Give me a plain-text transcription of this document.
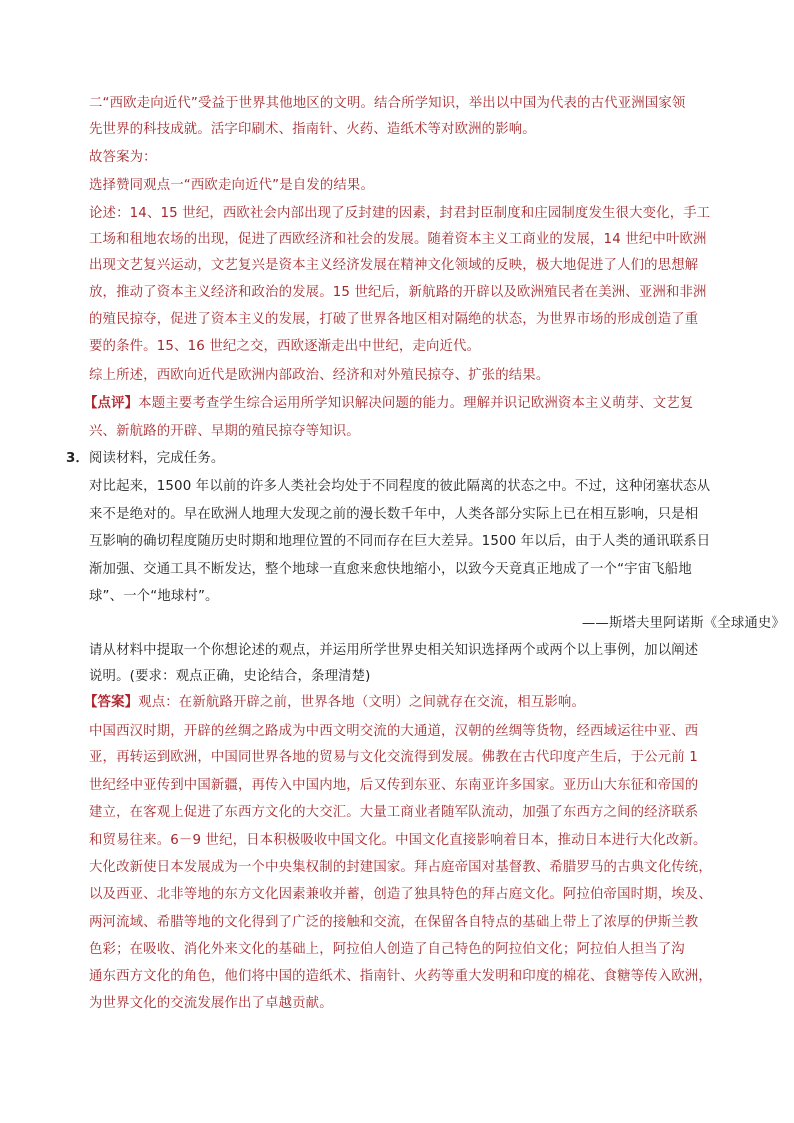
二“西欧走向近代”受益于世界其他地区的文明。结合所学知识，举出以中国为代表的古代亚洲国家领
先世界的科技成就。活字印刷术、指南针、火药、造纸术等对欧洲的影响。
故答案为：
选择赞同观点一“西欧走向近代”是自发的结果。
论述：14、15 世纪，西欧社会内部出现了反封建的因素，封君封臣制度和庄园制度发生很大变化，手工
工场和租地农场的出现，促进了西欧经济和社会的发展。随着资本主义工商业的发展，14 世纪中叶欧洲
出现文艺复兴运动，文艺复兴是资本主义经济发展在精神文化领域的反映，极大地促进了人们的思想解
放，推动了资本主义经济和政治的发展。15 世纪后，新航路的开辟以及欧洲殖民者在美洲、亚洲和非洲
的殖民掠夺，促进了资本主义的发展，打破了世界各地区相对隔绝的状态，为世界市场的形成创造了重
要的条件。15、16 世纪之交，西欧逐渐走出中世纪，走向近代。
综上所述，西欧向近代是欧洲内部政治、经济和对外殖民掠夺、扩张的结果。
【点评】本题主要考查学生综合运用所学知识解决问题的能力。理解并识记欧洲资本主义萌芽、文艺复
兴、新航路的开辟、早期的殖民掠夺等知识。
3．阅读材料，完成任务。
对比起来，1500 年以前的许多人类社会均处于不同程度的彼此隔离的状态之中。不过，这种闭塞状态从
来不是绝对的。早在欧洲人地理大发现之前的漫长数千年中，人类各部分实际上已在相互影响，只是相
互影响的确切程度随历史时期和地理位置的不同而存在巨大差异。1500 年以后，由于人类的通讯联系日
渐加强、交通工具不断发达，整个地球一直愈来愈快地缩小，以致今天竟真正地成了一个“宇宙飞船地
球”、一个“地球村”。
——斯塔夫里阿诺斯《全球通史》
请从材料中提取一个你想论述的观点，并运用所学世界史相关知识选择两个或两个以上事例，加以阐述
说明。(要求：观点正确，史论结合，条理清楚)
【答案】观点：在新航路开辟之前，世界各地（文明）之间就存在交流，相互影响。
中国西汉时期，开辟的丝绸之路成为中西文明交流的大通道，汉朝的丝绸等货物，经西域运往中亚、西
亚，再转运到欧洲，中国同世界各地的贸易与文化交流得到发展。佛教在古代印度产生后，于公元前 1
世纪经中亚传到中国新疆，再传入中国内地，后又传到东亚、东南亚许多国家。亚历山大东征和帝国的
建立，在客观上促进了东西方文化的大交汇。大量工商业者随军队流动，加强了东西方之间的经济联系
和贸易往来。6－9 世纪，日本积极吸收中国文化。中国文化直接影响着日本，推动日本进行大化改新。
大化改新使日本发展成为一个中央集权制的封建国家。拜占庭帝国对基督教、希腊罗马的古典文化传统，
以及西亚、北非等地的东方文化因素兼收并蓄，创造了独具特色的拜占庭文化。阿拉伯帝国时期，埃及、
两河流域、希腊等地的文化得到了广泛的接触和交流，在保留各自特点的基础上带上了浓厚的伊斯兰教
色彩；在吸收、消化外来文化的基础上，阿拉伯人创造了自己特色的阿拉伯文化；阿拉伯人担当了沟
通东西方文化的角色，他们将中国的造纸术、指南针、火药等重大发明和印度的棉花、食糖等传入欧洲，
为世界文化的交流发展作出了卓越贡献。
